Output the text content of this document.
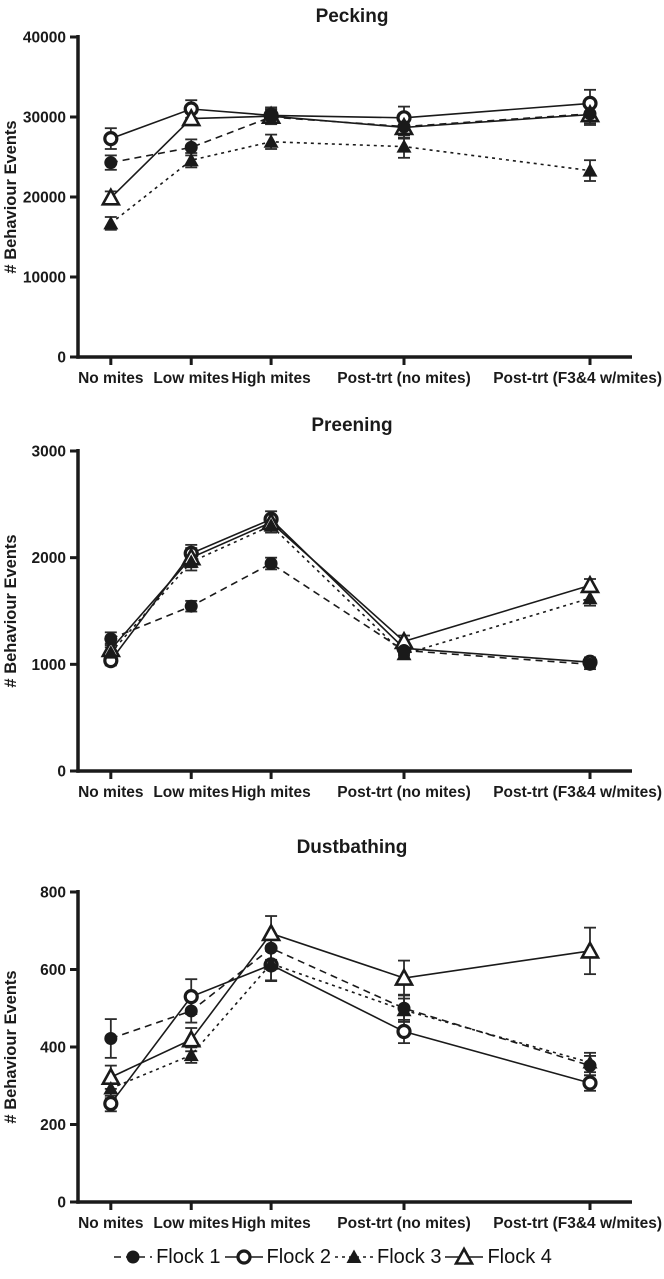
Pecking
0
10000
20000
30000
40000
# Behaviour Events
No mites Low mites High mites Post-trt (no mites) Post-trt (F3&4 w/mites)
Preening
0
1000
2000
3000
# Behaviour Events
No mites Low mites High mites Post-trt (no mites) Post-trt (F3&4 w/mites)
Dustbathing
0
200
400
600
800
# Behaviour Events
No mites Low mites High mites Post-trt (no mites) Post-trt (F3&4 w/mites)
Flock 1 Flock 2 Flock 3 Flock 4
